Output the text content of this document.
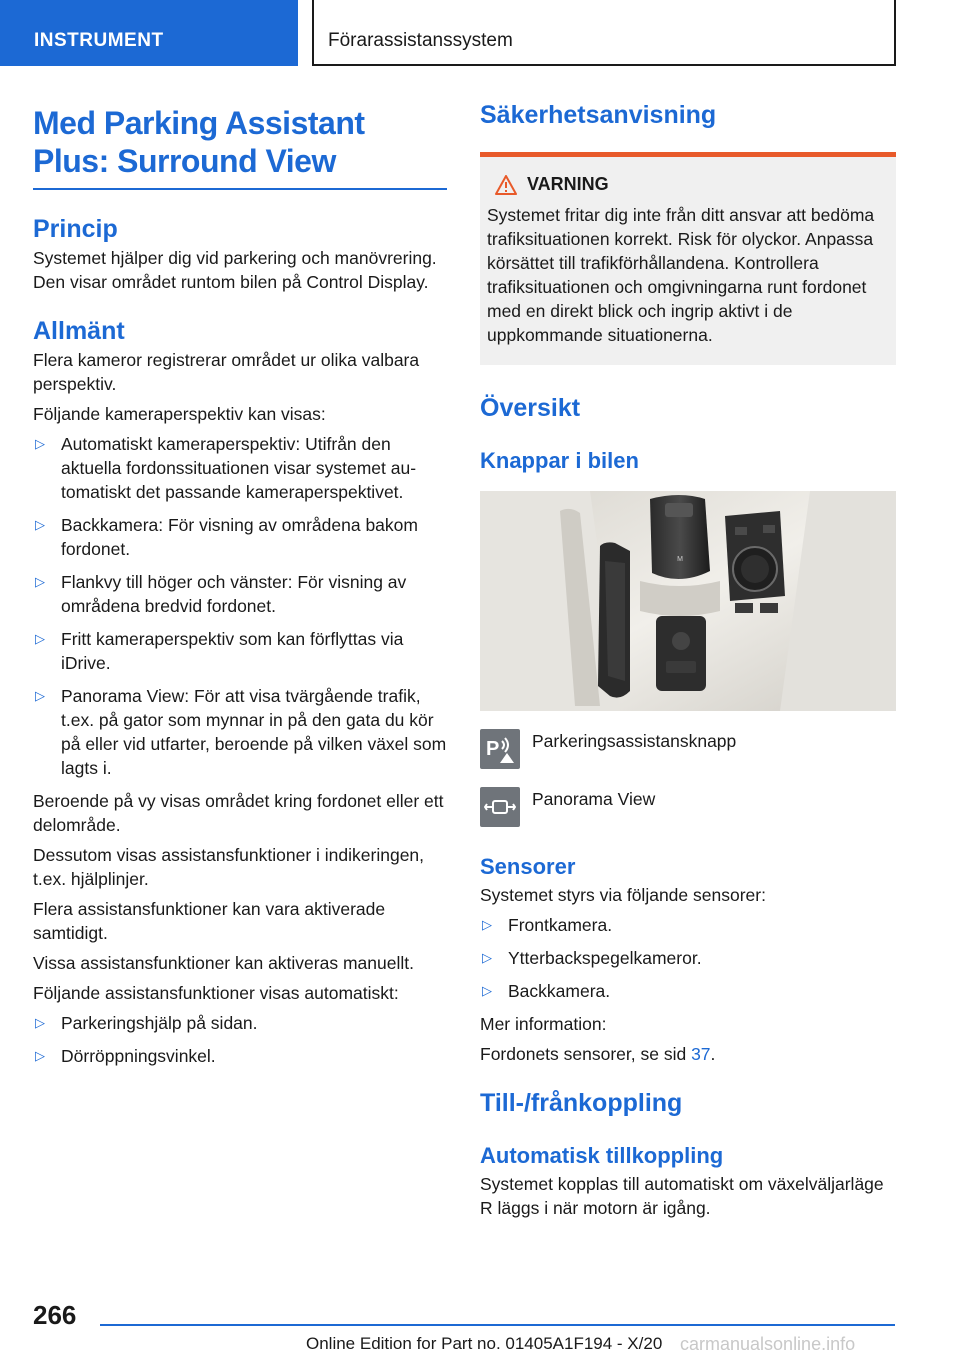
INSTRUMENT	Förarassistanssystem
Med Parking Assistant
Plus: Surround View
Princip

Systemet hjälper dig vid parkering och manövrering. Den visar området runtom bilen på Control Display.

Allmänt

Flera kameror registrerar området ur olika valbara perspektiv.

Följande kameraperspektiv kan visas:

▷ Automatiskt kameraperspektiv: Utifrån den aktuella fordonssituationen visar systemet automatiskt det passande kameraperspektivet.
▷ Backkamera: För visning av områdena bakom fordonet.
▷ Flankvy till höger och vänster: För visning av områdena bredvid fordonet.
▷ Fritt kameraperspektiv som kan förflyttas via iDrive.
▷ Panorama View: För att visa tvärgående trafik, t.ex. på gator som mynnar in på den gata du kör på eller vid utfarter, beroende på vilken växel som lagts i.

Beroende på vy visas området kring fordonet eller ett delområde.

Dessutom visas assistansfunktioner i indikeringen, t.ex. hjälplinjer.

Flera assistansfunktioner kan vara aktiverade samtidigt.

Vissa assistansfunktioner kan aktiveras manuellt.

Följande assistansfunktioner visas automatiskt:

▷ Parkeringshjälp på sidan.
▷ Dörröppningsvinkel.
Säkerhetsanvisning
VARNING
Systemet fritar dig inte från ditt ansvar att bedöma trafiksituationen korrekt. Risk för olyckor. Anpassa körsättet till trafikförhållandena. Kontrollera trafiksituationen och omgivningarna runt fordonet med en direkt blick och ingrip aktivt i de uppkommande situationerna.
Översikt
Knappar i bilen
M
P Parkeringsassistansknapp
Panorama View
Sensorer

Systemet styrs via följande sensorer:

▷ Frontkamera.
▷ Ytterbackspegelkameror.
▷ Backkamera.

Mer information:

Fordonets sensorer, se sid 37.

Till-/frånkoppling
Automatisk tillkoppling

Systemet kopplas till automatiskt om växelväljarläge R läggs i när motorn är igång.

266
Online Edition for Part no. 01405A1F194 - X/20 carmanualsonline.info
